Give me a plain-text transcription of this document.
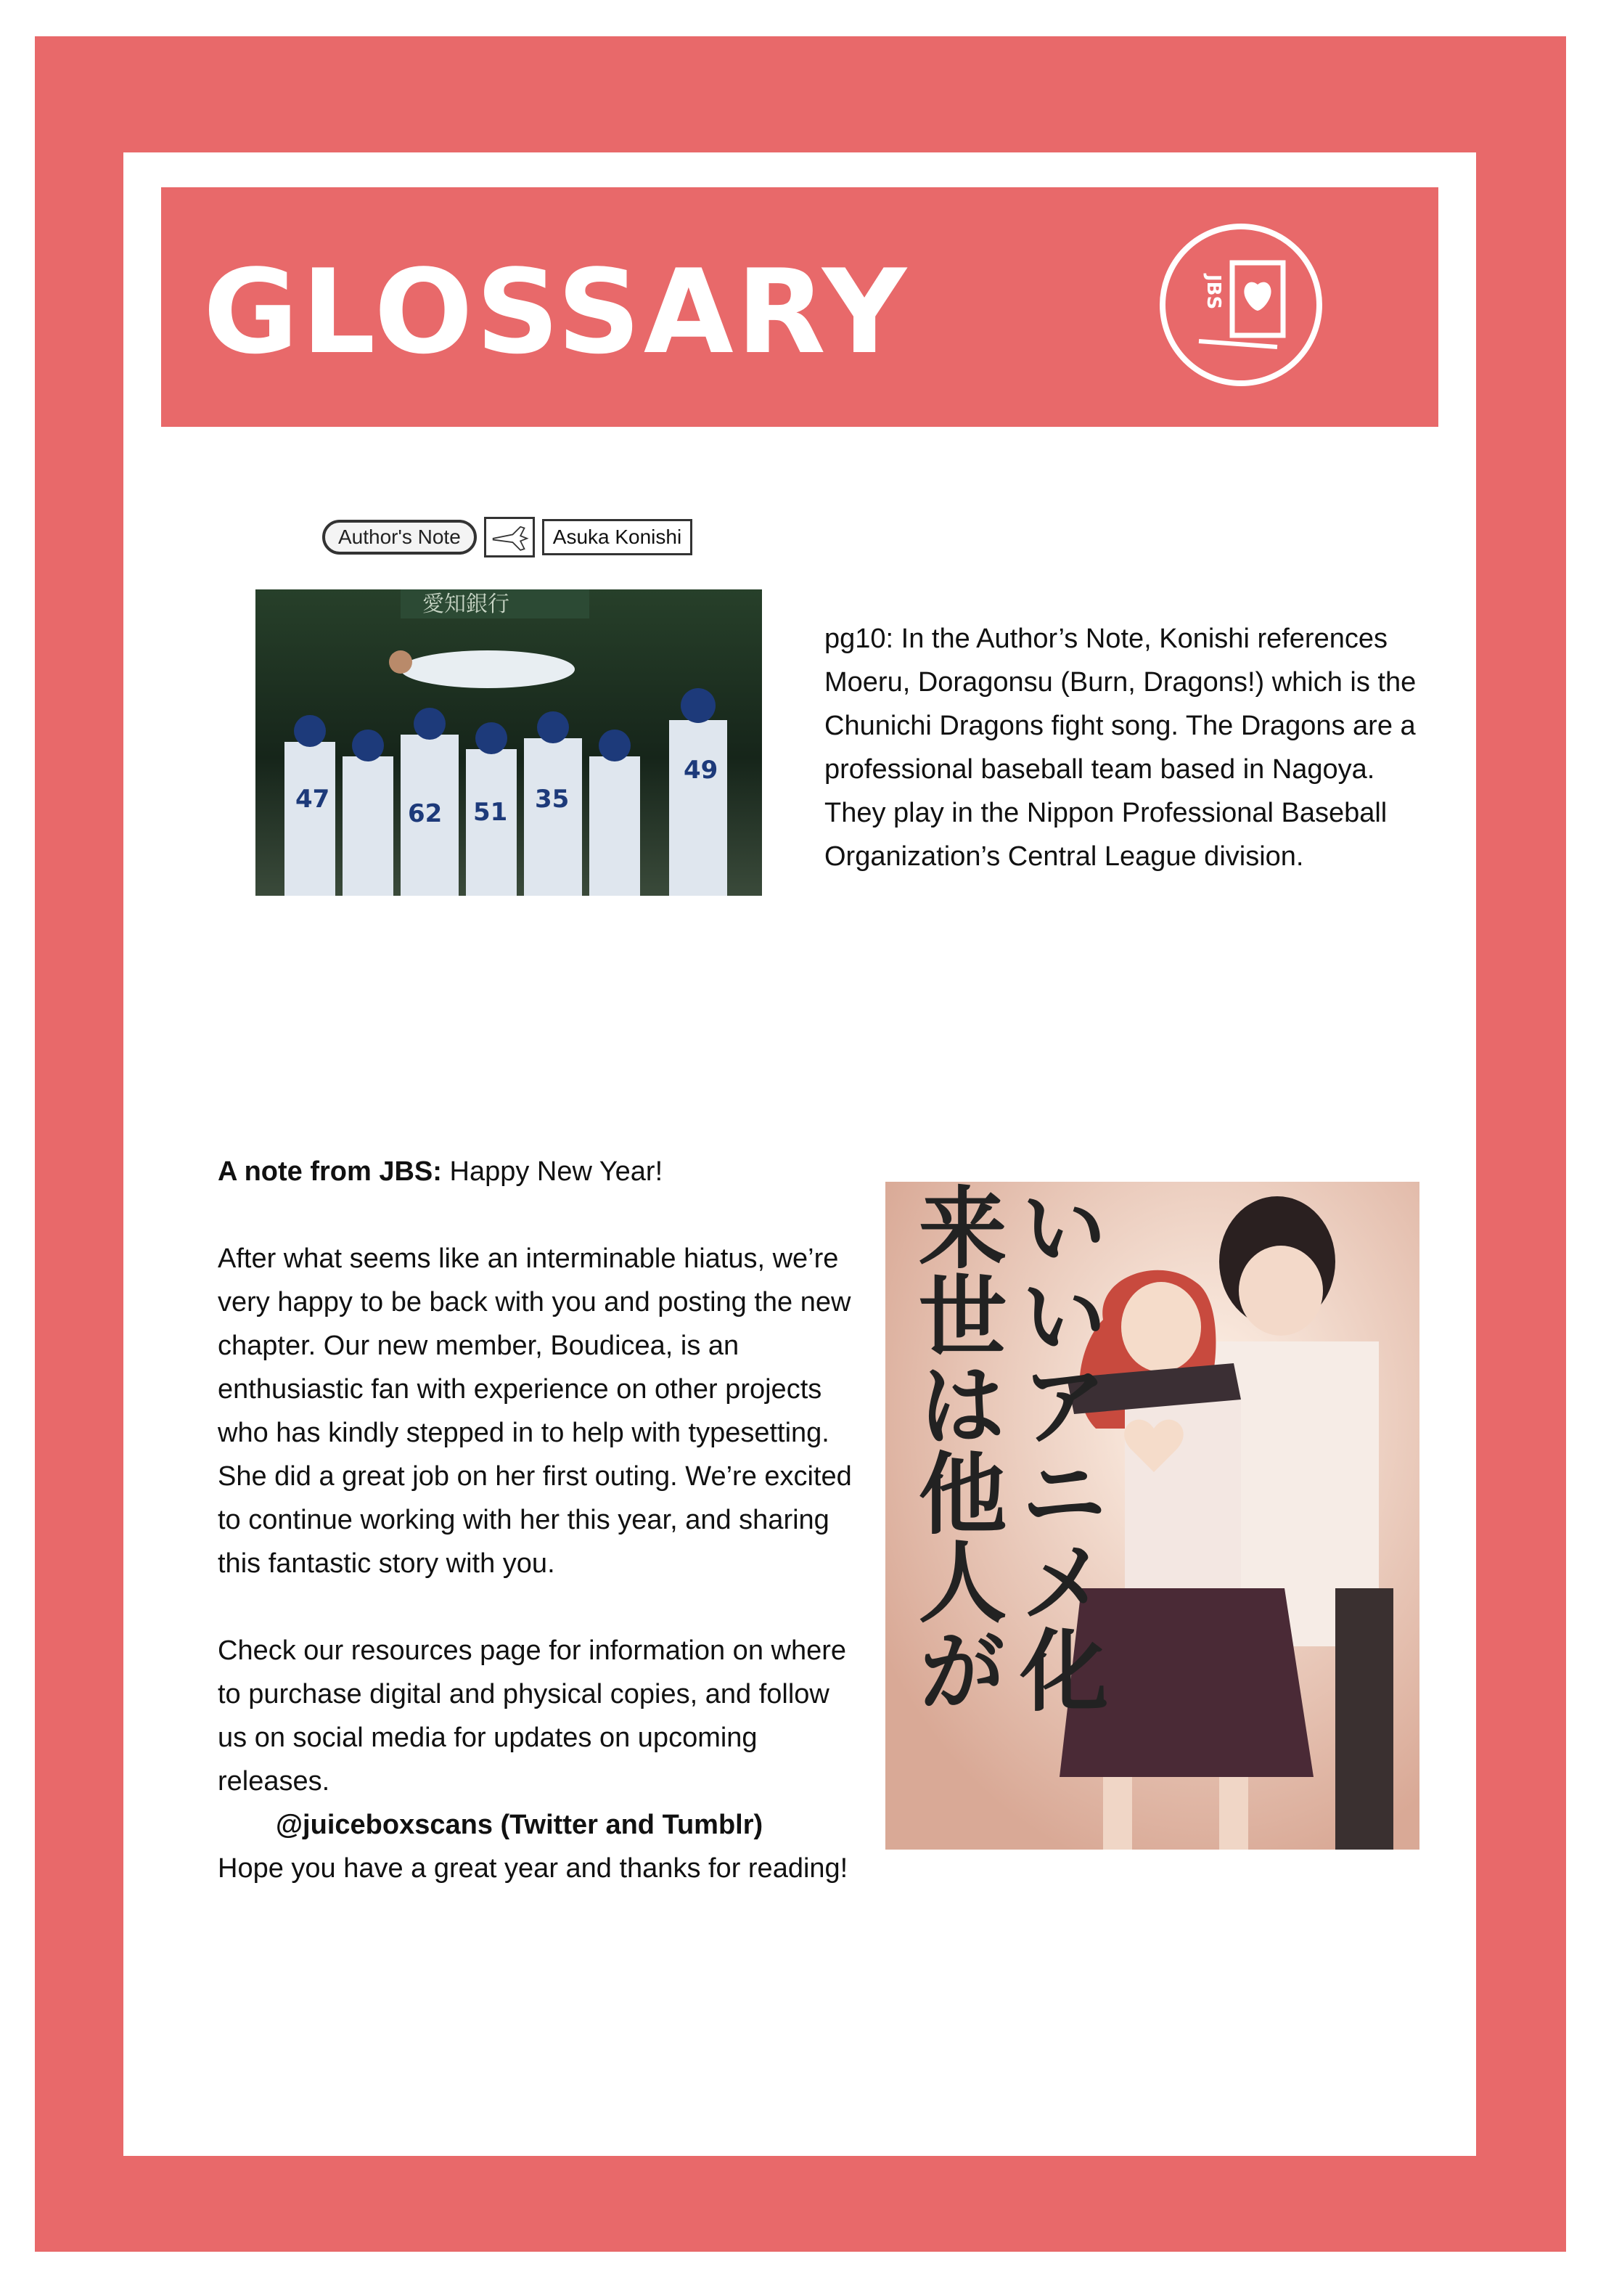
GLOSSARY	JBS
Author's Note	Asuka Konishi
愛知銀行
47	62 51 35
49
pg10: In the Author’s Note, Konishi references Moeru, Doragonsu (Burn, Dragons!) which is the Chunichi Dragons fight song. The Dragons are a professional baseball team based in Nagoya. They play in the Nippon Professional Baseball Organization’s Central League division.

A note from JBS: Happy New Year!

After what seems like an interminable hiatus, we’re very happy to be back with you and posting the new chapter. Our new member, Boudicea, is an enthusiastic fan with experience on other projects who has kindly stepped in to help with typesetting. She did a great job on her first outing. We’re excited to continue working with her this year, and sharing this fantastic story with you.

Check our resources page for information on where to purchase digital and physical copies, and follow us on social media for updates on upcoming releases.

@juiceboxscans (Twitter and Tumblr)

Hope you have a great year and thanks for reading!

来世は他人が
いいアニメ化
